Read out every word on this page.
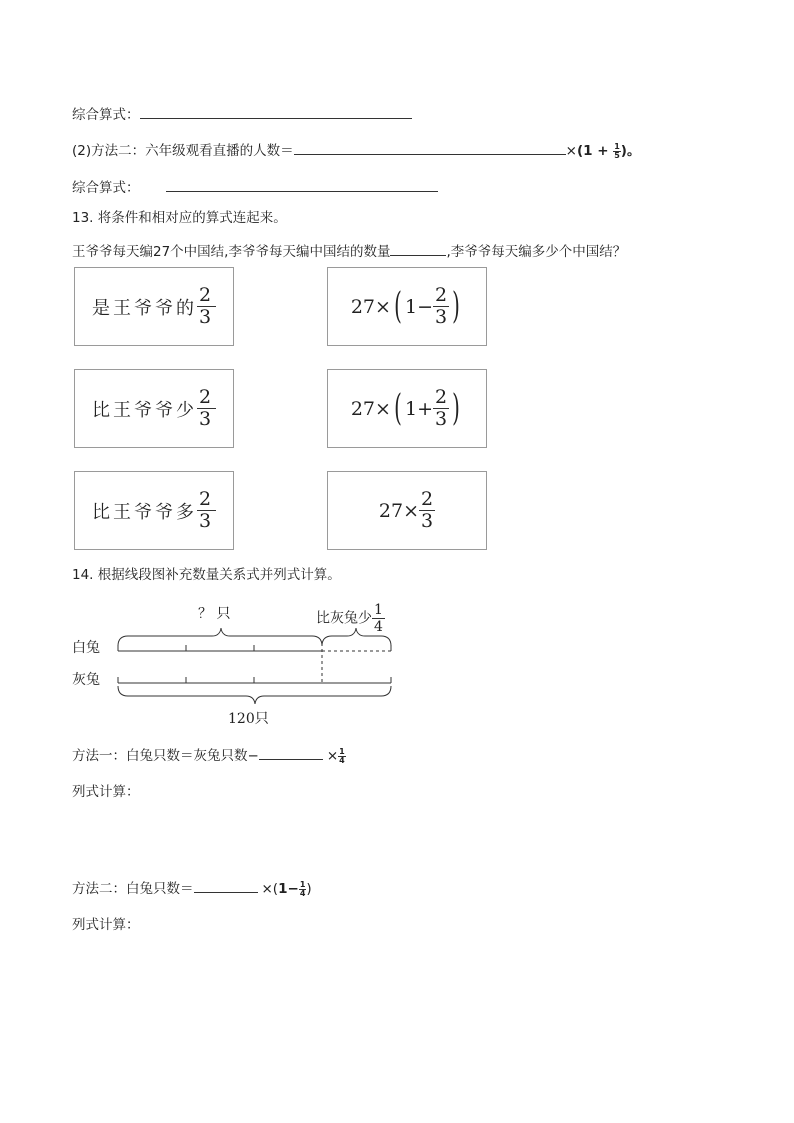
综合算式：
(2)方法二：六年级观看直播的人数＝	$\times(1 + \frac{1}{5}$ )。
综合算式：
13. 将条件和相对应的算式连起来。
王爷爷每天编27个中国结,李爷爷每天编中国结的数量	,李爷爷每天编多少个中国结？
是王爷爷的 $\frac{2}{3}$
比王爷爷少 $\frac{2}{3}$
比王爷爷多 $\frac{2}{3}$
27× ( $1- \frac{2}{3}$ )
27× ( $1+ \frac{2}{3}$ )
$27\times \frac{2}{3}$
14. 根据线段图补充数量关系式并列式计算。
？ 只	比灰兔少 $\frac{1}{4}$
白兔
灰兔
120只
方法一：白兔只数＝灰兔只数−	× $\frac{1}{4}$
列式计算：
方法二：白兔只数＝	$\times(1- \frac{1}{4}$ )
列式计算：
